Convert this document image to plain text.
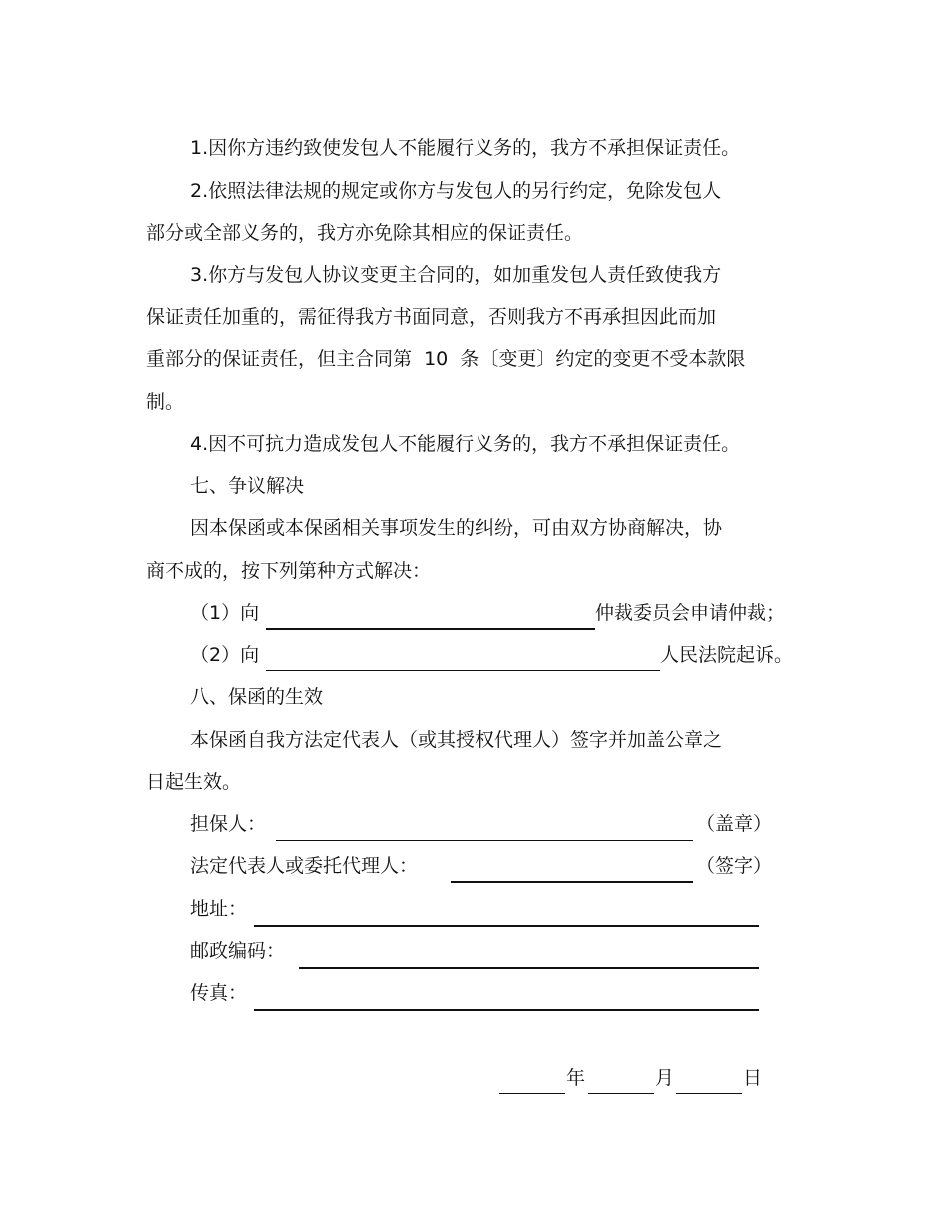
1.因你方违约致使发包人不能履行义务的，我方不承担保证责任。
2.依照法律法规的规定或你方与发包人的另行约定，免除发包人
部分或全部义务的，我方亦免除其相应的保证责任。
3.你方与发包人协议变更主合同的，如加重发包人责任致使我方
保证责任加重的，需征得我方书面同意，否则我方不再承担因此而加
重部分的保证责任，但主合同第  10  条〔变更〕约定的变更不受本款限
制。
4.因不可抗力造成发包人不能履行义务的，我方不承担保证责任。
七、争议解决
因本保函或本保函相关事项发生的纠纷，可由双方协商解决，协
商不成的，按下列第种方式解决：
（1）向	仲裁委员会申请仲裁；
（2）向	人民法院起诉。
八、保函的生效
本保函自我方法定代表人（或其授权代理人）签字并加盖公章之
日起生效。
担保人：	（盖章）
法定代表人或委托代理人：	（签字）
地址：
邮政编码：
传真：
年	月	日
